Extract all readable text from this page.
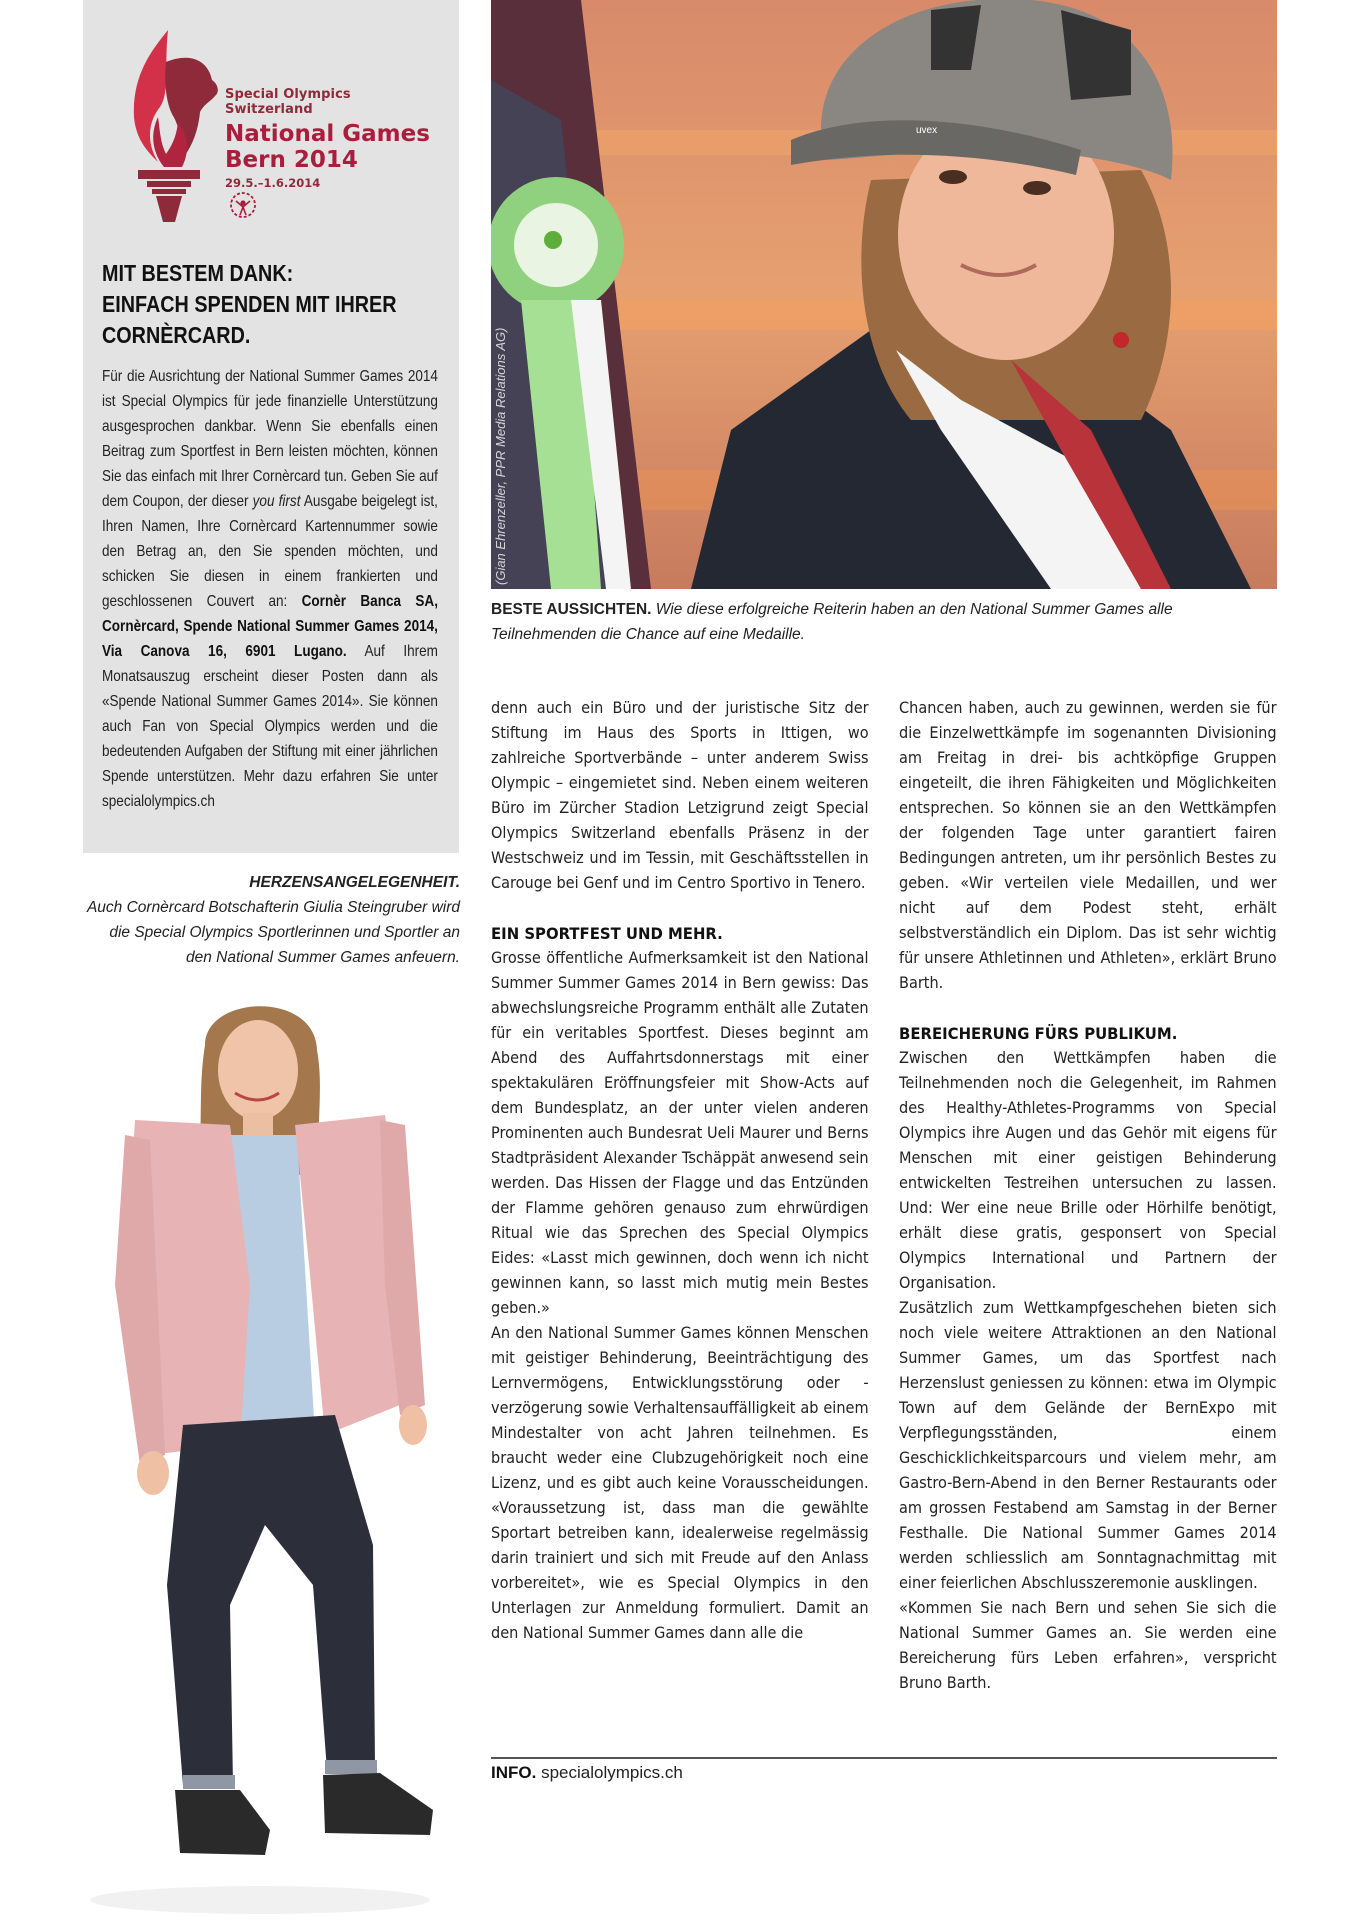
Special Olympics Switzerland
National Games
Bern 2014
29.5.–1.6.2014
MIT BESTEM DANK:
EINFACH SPENDEN MIT IHRER
CORNÈRCARD.
Für die Ausrichtung der National Summer Games 2014 ist Special Olympics für jede finanzielle Unterstützung ausgesprochen dankbar. Wenn Sie ebenfalls einen Beitrag zum Sportfest in Bern leisten möchten, können Sie das einfach mit Ihrer Cornèrcard tun. Geben Sie auf dem Coupon, der dieser you first Ausgabe beigelegt ist, Ihren Namen, Ihre Cornèrcard Kartennummer sowie den Betrag an, den Sie spenden möchten, und schicken Sie diesen in einem frankierten und geschlossenen Couvert an: Cornèr Banca SA, Cornèrcard, Spende National Summer Games 2014, Via Canova 16, 6901 Lugano. Auf Ihrem Monatsauszug erscheint dieser Posten dann als «Spende National Summer Games 2014». Sie können auch Fan von Special Olympics werden und die bedeutenden Aufgaben der Stiftung mit einer jährlichen Spende unterstützen. Mehr dazu erfahren Sie unter specialolympics.ch
HERZENSANGELEGENHEIT.
Auch Cornèrcard Botschafterin Giulia Steingruber wird die Special Olympics Sportlerinnen und Sportler an den National Summer Games anfeuern.
uvex
(Gian Ehrenzeller, PPR Media Relations AG)
BESTE AUSSICHTEN. Wie diese erfolgreiche Reiterin haben an den National Summer Games alle Teilnehmenden die Chance auf eine Medaille.

denn auch ein Büro und der juristische Sitz der Stiftung im Haus des Sports in Ittigen, wo zahlreiche Sportverbände – unter anderem Swiss Olympic – eingemietet sind. Neben einem weiteren Büro im Zürcher Stadion Letzigrund zeigt Special Olympics Switzerland ebenfalls Präsenz in der Westschweiz und im Tessin, mit Geschäftsstellen in Carouge bei Genf und im Centro Sportivo in Tenero.

EIN SPORTFEST UND MEHR.

Grosse öffentliche Aufmerksamkeit ist den National Summer Summer Games 2014 in Bern gewiss: Das abwechslungsreiche Programm enthält alle Zutaten für ein veritables Sportfest. Dieses beginnt am Abend des Auffahrtsdonnerstags mit einer spektakulären Eröffnungsfeier mit Show-Acts auf dem Bundesplatz, an der unter vielen anderen Prominenten auch Bundesrat Ueli Maurer und Berns Stadtpräsident Alexander Tschäppät anwesend sein werden. Das Hissen der Flagge und das Entzünden der Flamme gehören genauso zum ehrwürdigen Ritual wie das Sprechen des Special Olympics Eides: «Lasst mich gewinnen, doch wenn ich nicht gewinnen kann, so lasst mich mutig mein Bestes geben.»

An den National Summer Games können Menschen mit geistiger Behinderung, Beeinträchtigung des Lernvermögens, Entwicklungsstörung oder -verzögerung sowie Verhaltensauffälligkeit ab einem Mindestalter von acht Jahren teilnehmen. Es braucht weder eine Clubzugehörigkeit noch eine Lizenz, und es gibt auch keine Vorausscheidungen. «Voraussetzung ist, dass man die gewählte Sportart betreiben kann, idealerweise regelmässig darin trainiert und sich mit Freude auf den Anlass vorbereitet», wie es Special Olympics in den Unterlagen zur Anmeldung formuliert. Damit an den National Summer Games dann alle die

Chancen haben, auch zu gewinnen, werden sie für die Einzelwettkämpfe im sogenannten Divisioning am Freitag in drei- bis achtköpfige Gruppen eingeteilt, die ihren Fähigkeiten und Möglichkeiten entsprechen. So können sie an den Wettkämpfen der folgenden Tage unter garantiert fairen Bedingungen antreten, um ihr persönlich Bestes zu geben. «Wir verteilen viele Medaillen, und wer nicht auf dem Podest steht, erhält selbstverständlich ein Diplom. Das ist sehr wichtig für unsere Athletinnen und Athleten», erklärt Bruno Barth.

BEREICHERUNG FÜRS PUBLIKUM.

Zwischen den Wettkämpfen haben die Teilnehmenden noch die Gelegenheit, im Rahmen des Healthy-Athletes-Programms von Special Olympics ihre Augen und das Gehör mit eigens für Menschen mit einer geistigen Behinderung entwickelten Testreihen untersuchen zu lassen. Und: Wer eine neue Brille oder Hörhilfe benötigt, erhält diese gratis, gesponsert von Special Olympics International und Partnern der Organisation.

Zusätzlich zum Wettkampfgeschehen bieten sich noch viele weitere Attraktionen an den National Summer Games, um das Sportfest nach Herzenslust geniessen zu können: etwa im Olympic Town auf dem Gelände der BernExpo mit Verpflegungsständen, einem Geschicklichkeitsparcours und vielem mehr, am Gastro-Bern-Abend in den Berner Restaurants oder am grossen Festabend am Samstag in der Berner Festhalle. Die National Summer Games 2014 werden schliesslich am Sonntagnachmittag mit einer feierlichen Abschlusszeremonie ausklingen.

«Kommen Sie nach Bern und sehen Sie sich die National Summer Games an. Sie werden eine Bereicherung fürs Leben erfahren», verspricht Bruno Barth.

INFO. specialolympics.ch
